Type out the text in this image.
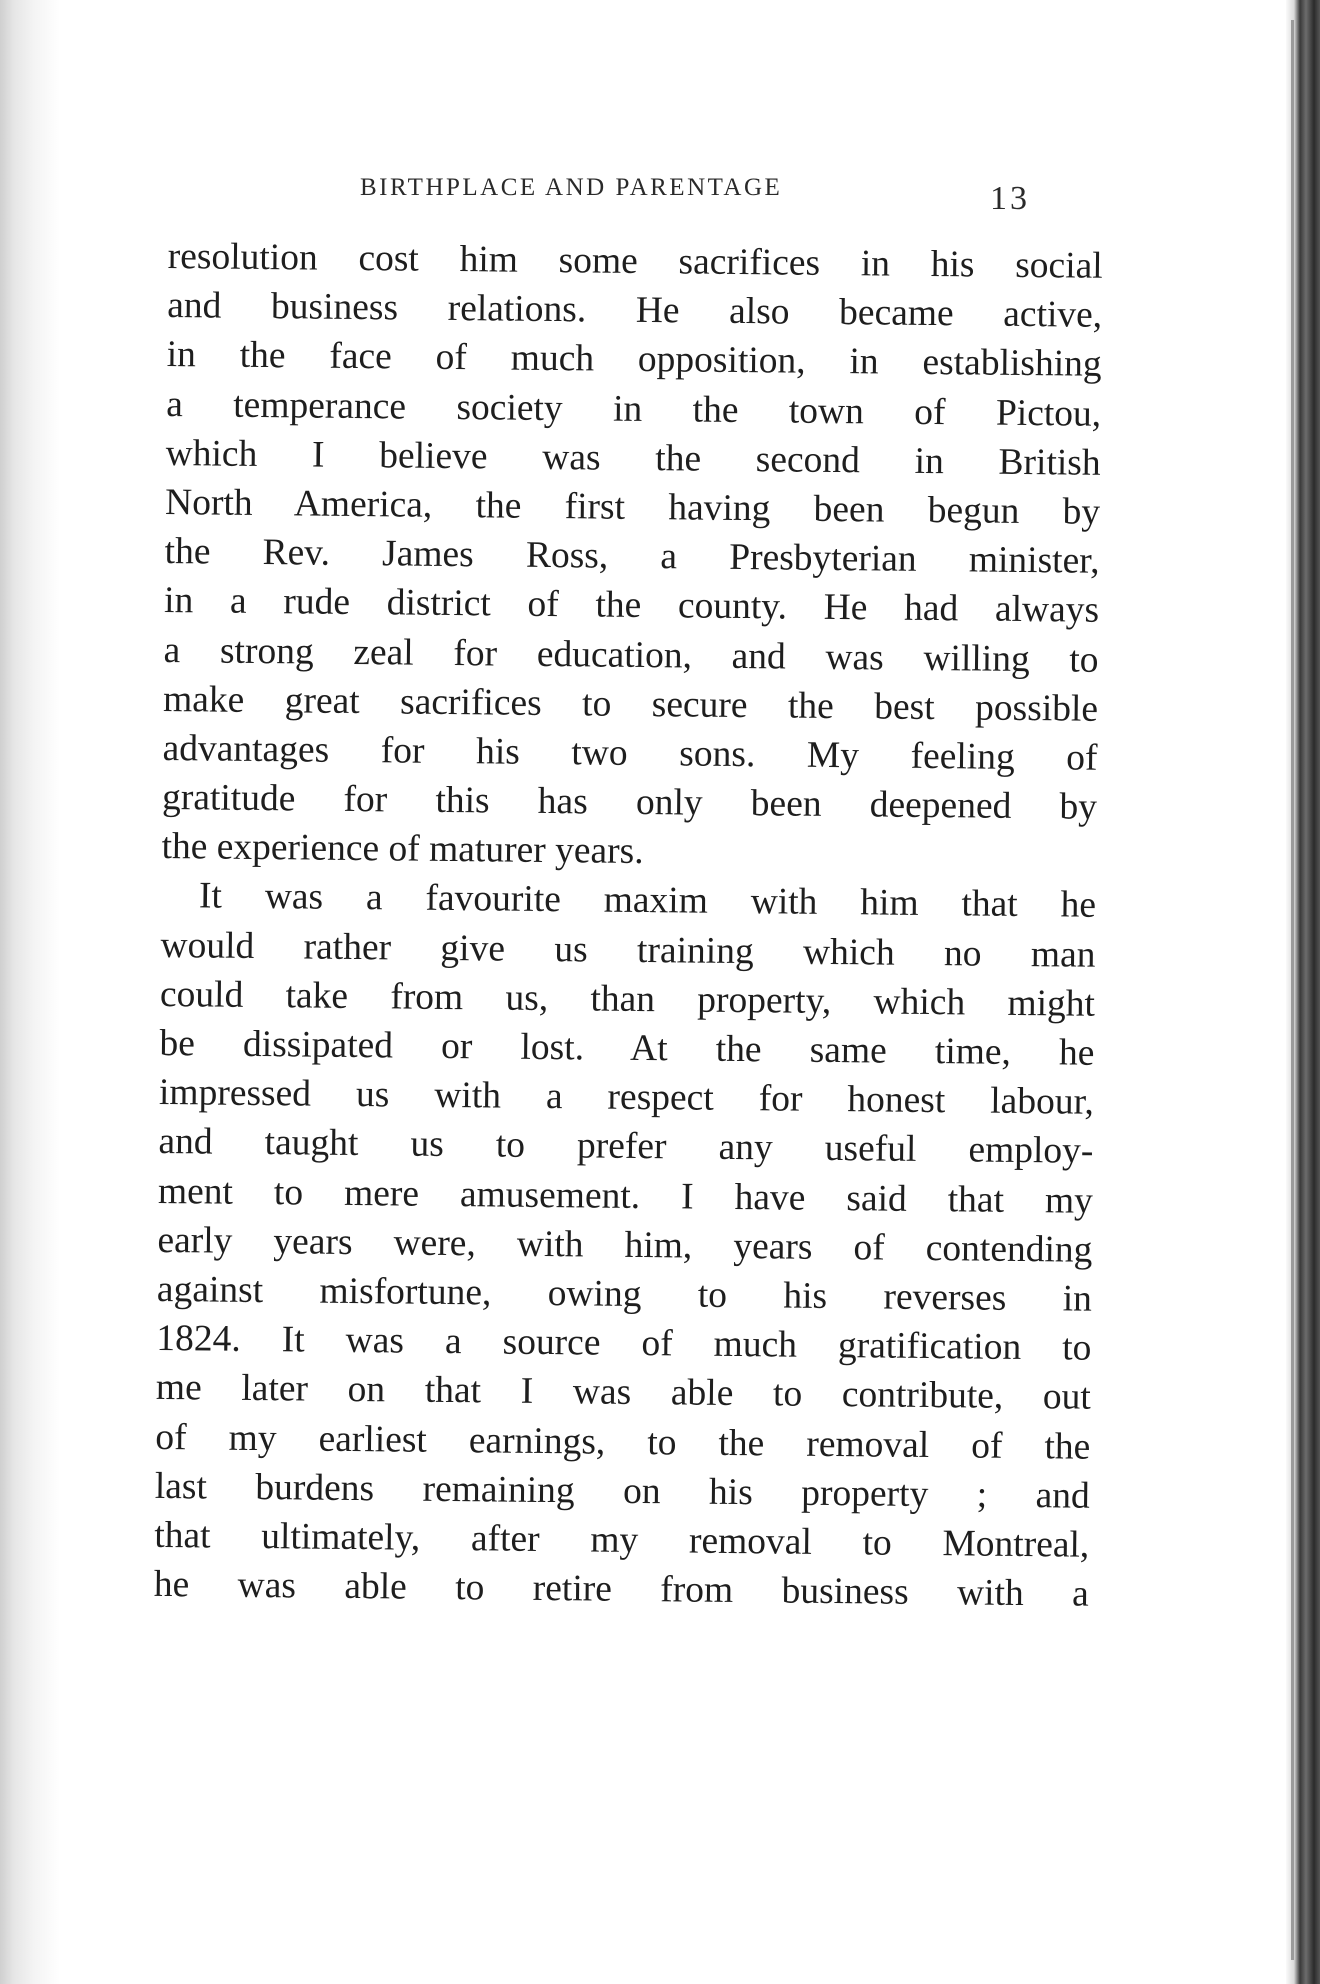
BIRTHPLACE AND PARENTAGE	13
resolution cost him some sacrifices in his social
and business relations. He also became active,
in the face of much opposition, in establishing
a temperance society in the town of Pictou,
which I believe was the second in British
North America, the first having been begun by
the Rev. James Ross, a Presbyterian minister,
in a rude district of the county. He had always
a strong zeal for education, and was willing to
make great sacrifices to secure the best possible
advantages for his two sons. My feeling of
gratitude for this has only been deepened by
the experience of maturer years.
It was a favourite maxim with him that he
would rather give us training which no man
could take from us, than property, which might
be dissipated or lost. At the same time, he
impressed us with a respect for honest labour,
and taught us to prefer any useful employ-
ment to mere amusement. I have said that my
early years were, with him, years of contending
against misfortune, owing to his reverses in
1824. It was a source of much gratification to
me later on that I was able to contribute, out
of my earliest earnings, to the removal of the
last burdens remaining on his property ; and
that ultimately, after my removal to Montreal,
he was able to retire from business with a
